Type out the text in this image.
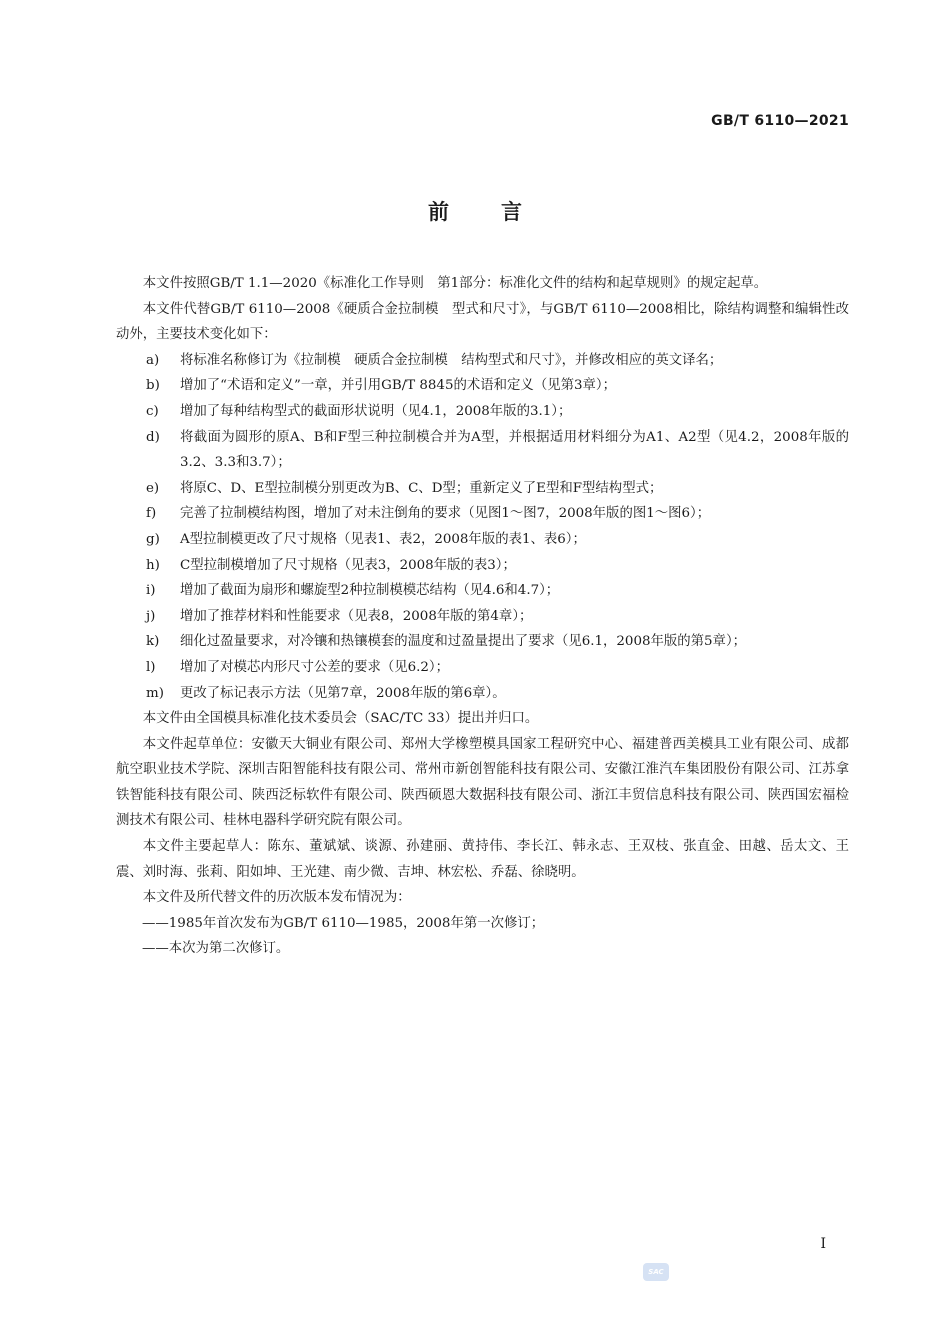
GB/T 6110—2021
前言

本文件按照GB/T 1.1—2020《标准化工作导则　第1部分：标准化文件的结构和起草规则》的规定起草。

本文件代替GB/T 6110—2008《硬质合金拉制模　型式和尺寸》，与GB/T 6110—2008相比，除结构调整和编辑性改动外，主要技术变化如下：

a) 将标准名称修订为《拉制模　硬质合金拉制模　结构型式和尺寸》，并修改相应的英文译名；

b) 增加了“术语和定义”一章，并引用GB/T 8845的术语和定义（见第3章）；

c) 增加了每种结构型式的截面形状说明（见4.1，2008年版的3.1）；

d) 将截面为圆形的原A、B和F型三种拉制模合并为A型，并根据适用材料细分为A1、A2型（见4.2，2008年版的3.2、3.3和3.7）；

e) 将原C、D、E型拉制模分别更改为B、C、D型；重新定义了E型和F型结构型式；

f) 完善了拉制模结构图，增加了对未注倒角的要求（见图1～图7，2008年版的图1～图6）；

g) A型拉制模更改了尺寸规格（见表1、表2，2008年版的表1、表6）；

h) C型拉制模增加了尺寸规格（见表3，2008年版的表3）；

i) 增加了截面为扇形和螺旋型2种拉制模模芯结构（见4.6和4.7）；

j) 增加了推荐材料和性能要求（见表8，2008年版的第4章）；

k) 细化过盈量要求，对冷镶和热镶模套的温度和过盈量提出了要求（见6.1，2008年版的第5章）；

l) 增加了对模芯内形尺寸公差的要求（见6.2）；

m) 更改了标记表示方法（见第7章，2008年版的第6章）。

本文件由全国模具标准化技术委员会（SAC/TC 33）提出并归口。

本文件起草单位：安徽天大铜业有限公司、郑州大学橡塑模具国家工程研究中心、福建普西美模具工业有限公司、成都航空职业技术学院、深圳吉阳智能科技有限公司、常州市新创智能科技有限公司、安徽江淮汽车集团股份有限公司、江苏拿铁智能科技有限公司、陕西泛标软件有限公司、陕西硕恩大数据科技有限公司、浙江丰贸信息科技有限公司、陕西国宏福检测技术有限公司、桂林电器科学研究院有限公司。

本文件主要起草人：陈东、董斌斌、谈源、孙建丽、黄持伟、李长江、韩永志、王双枝、张直金、田越、岳太文、王震、刘时海、张莉、阳如坤、王光建、南少微、吉坤、林宏松、乔磊、徐晓明。

本文件及所代替文件的历次版本发布情况为：

——1985年首次发布为GB/T 6110—1985，2008年第一次修订；

——本次为第二次修订。

I
SAC
